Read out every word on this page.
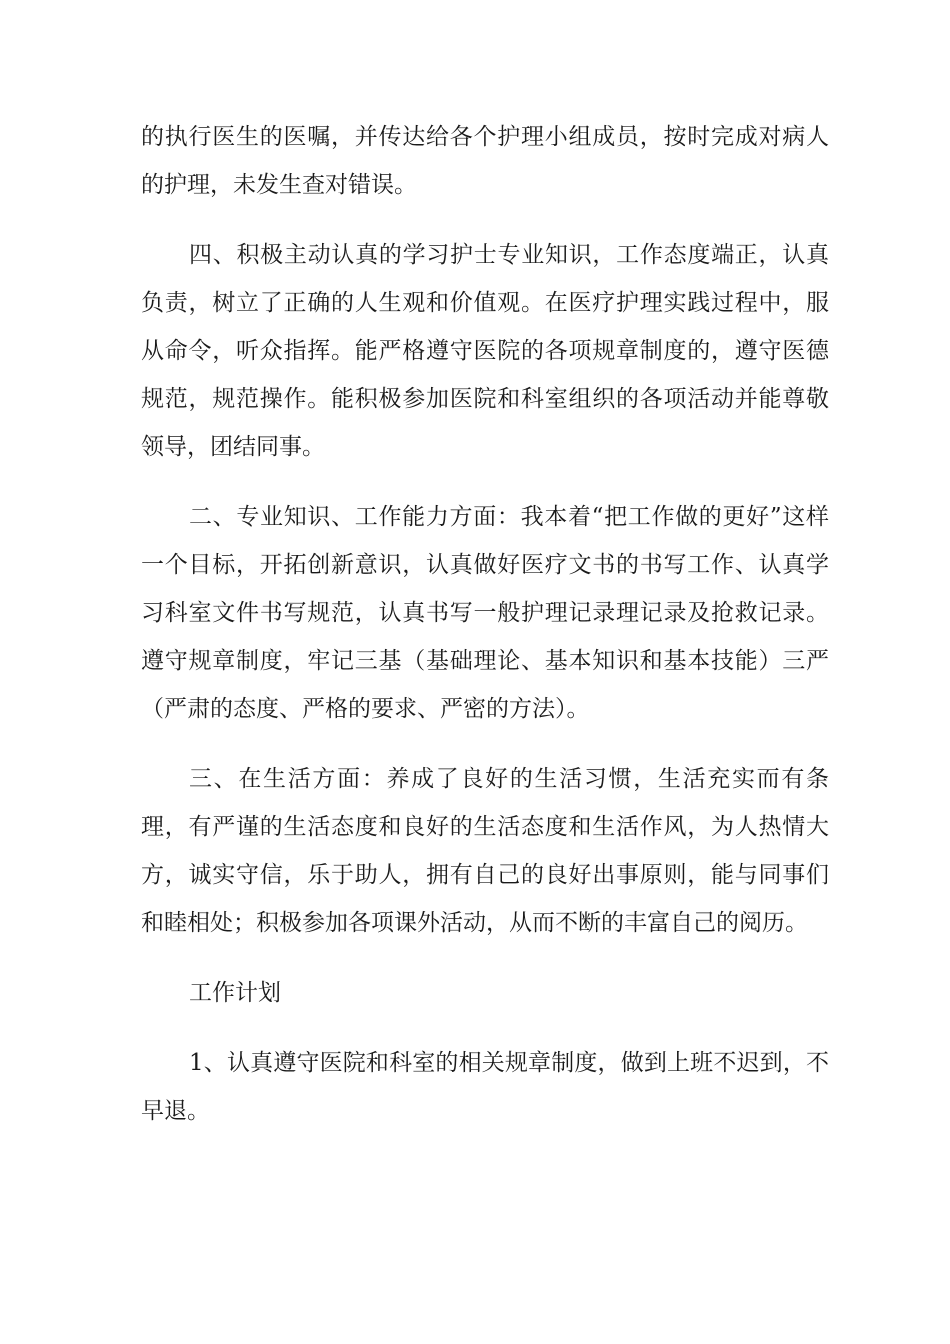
的执行医生的医嘱，并传达给各个护理小组成员，按时完成对病人的护理，未发生查对错误。

四、积极主动认真的学习护士专业知识，工作态度端正，认真负责，树立了正确的人生观和价值观。在医疗护理实践过程中，服从命令，听众指挥。能严格遵守医院的各项规章制度的，遵守医德规范，规范操作。能积极参加医院和科室组织的各项活动并能尊敬领导，团结同事。

二、专业知识、工作能力方面：我本着“把工作做的更好”这样一个目标，开拓创新意识，认真做好医疗文书的书写工作、认真学习科室文件书写规范，认真书写一般护理记录理记录及抢救记录。遵守规章制度，牢记三基（基础理论、基本知识和基本技能）三严（严肃的态度、严格的要求、严密的方法）。

三、在生活方面：养成了良好的生活习惯，生活充实而有条理，有严谨的生活态度和良好的生活态度和生活作风，为人热情大方，诚实守信，乐于助人，拥有自己的良好出事原则，能与同事们和睦相处；积极参加各项课外活动，从而不断的丰富自己的阅历。

工作计划

1、认真遵守医院和科室的相关规章制度，做到上班不迟到，不早退。
